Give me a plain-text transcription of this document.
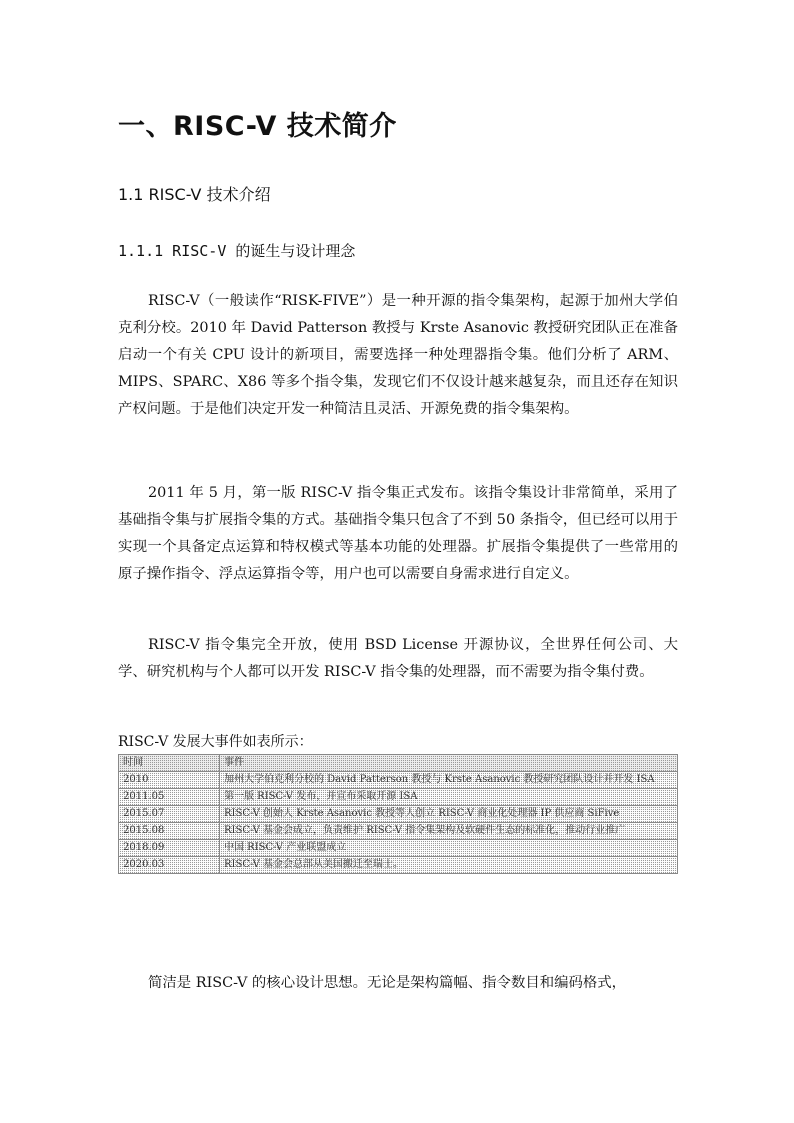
一、RISC-V 技术简介

1.1 RISC-V 技术介绍

1.1.1 RISC-V 的诞生与设计理念

RISC-V（一般读作“RISK-FIVE”）是一种开源的指令集架构，起源于加州大学伯克利分校。2010 年 David Patterson 教授与 Krste Asanovic 教授研究团队正在准备启动一个有关 CPU 设计的新项目，需要选择一种处理器指令集。他们分析了 ARM、MIPS、SPARC、X86 等多个指令集，发现它们不仅设计越来越复杂，而且还存在知识产权问题。于是他们决定开发一种简洁且灵活、开源免费的指令集架构。

2011 年 5 月，第一版 RISC-V 指令集正式发布。该指令集设计非常简单，采用了基础指令集与扩展指令集的方式。基础指令集只包含了不到 50 条指令，但已经可以用于实现一个具备定点运算和特权模式等基本功能的处理器。扩展指令集提供了一些常用的原子操作指令、浮点运算指令等，用户也可以需要自身需求进行自定义。

RISC-V 指令集完全开放，使用 BSD License 开源协议，全世界任何公司、大学、研究机构与个人都可以开发 RISC-V 指令集的处理器，而不需要为指令集付费。

RISC-V 发展大事件如表所示：

时间	事件
2010	加州大学伯克利分校的 David Patterson 教授与 Krste Asanovic 教授研究团队设计并开发 ISA
2011.05	第一版 RISC-V 发布，并宣布采取开源 ISA
2015.07	RISC-V 创始人 Krste Asanovic 教授等人创立 RISC-V 商业化处理器 IP 供应商 SiFive
2015.08	RISC-V 基金会成立，负责维护 RISC-V 指令集架构及软硬件生态的标准化，推动行业推广
2018.09	中国 RISC-V 产业联盟成立
2020.03	RISC-V 基金会总部从美国搬迁至瑞士。

简洁是 RISC-V 的核心设计思想。无论是架构篇幅、指令数目和编码格式，
